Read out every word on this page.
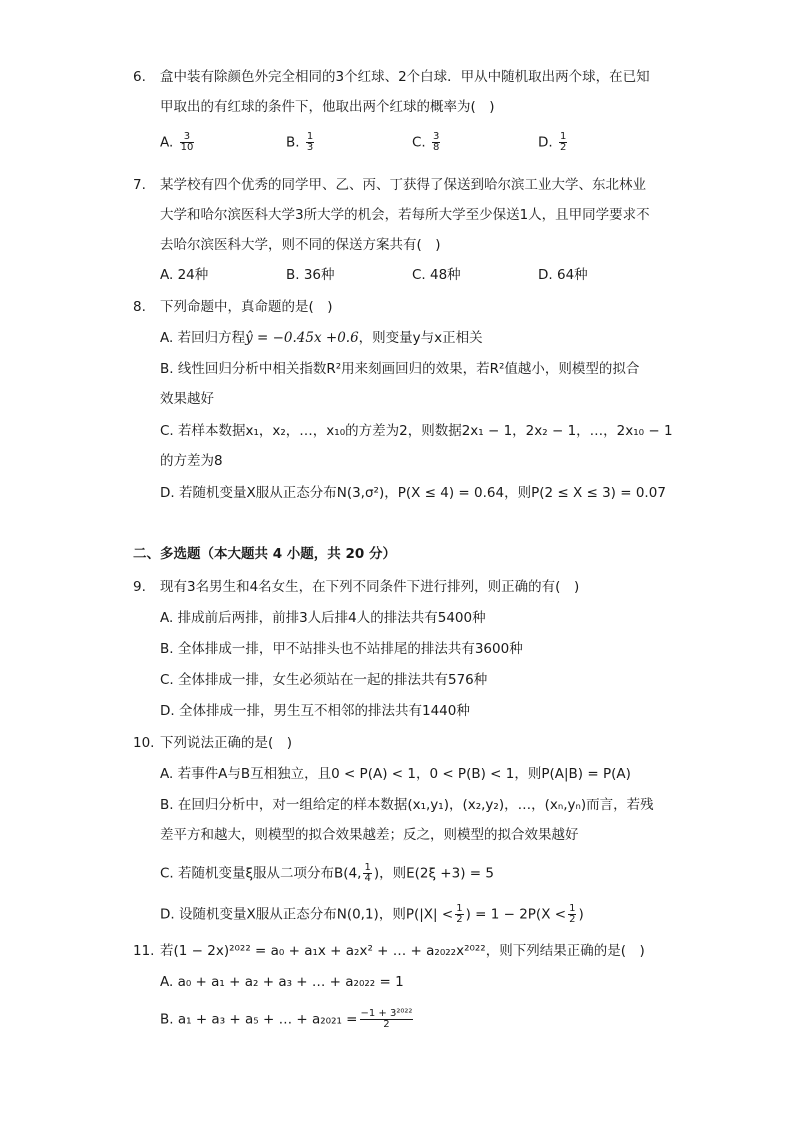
6. 盒中装有除颜色外完全相同的3个红球、2个白球．甲从中随机取出两个球，在已知
甲取出的有红球的条件下，他取出两个红球的概率为(　)
A. $\frac{3}{10}$	B. $\frac{1}{3}$	C. $\frac{3}{8}$	D. $\frac{1}{2}$
7. 某学校有四个优秀的同学甲、乙、丙、丁获得了保送到哈尔滨工业大学、东北林业
大学和哈尔滨医科大学3所大学的机会，若每所大学至少保送1人，且甲同学要求不
去哈尔滨医科大学，则不同的保送方案共有(　)
A. 24种	B. 36种	C. 48种	D. 64种
8. 下列命题中，真命题的是(　)
A. 若回归方程ŷ = −0.45x +0.6，则变量y与x正相关
B. 线性回归分析中相关指数R²用来刻画回归的效果，若R²值越小，则模型的拟合
效果越好
C. 若样本数据x₁，x₂，…，x₁₀的方差为2，则数据2x₁ − 1，2x₂ − 1，…，2x₁₀ − 1
的方差为8
D. 若随机变量X服从正态分布N(3,σ²)，P(X ≤ 4) = 0.64，则P(2 ≤ X ≤ 3) = 0.07
二、多选题（本大题共 4 小题，共 20 分）
9. 现有3名男生和4名女生，在下列不同条件下进行排列，则正确的有(　)
A. 排成前后两排，前排3人后排4人的排法共有5400种
B. 全体排成一排，甲不站排头也不站排尾的排法共有3600种
C. 全体排成一排，女生必须站在一起的排法共有576种
D. 全体排成一排，男生互不相邻的排法共有1440种
10. 下列说法正确的是(　)
A. 若事件A与B互相独立，且0 < P(A) < 1，0 < P(B) < 1，则P(A|B) = P(A)
B. 在回归分析中，对一组给定的样本数据(x₁,y₁)，(x₂,y₂)，…，(xₙ,yₙ)而言，若残
差平方和越大，则模型的拟合效果越差；反之，则模型的拟合效果越好
C. 若随机变量ξ服从二项分布B(4, $\frac{1}{4}$ )，则E(2ξ +3) = 5
D. 设随机变量X服从正态分布N(0,1)，则$P(|X| < \frac{1}{2}$ ) = $1 - 2P(X < \frac{1}{2}$ )
11. 若(1 − 2x)²⁰²² = a₀ + a₁x + a₂x² + … + a₂₀₂₂x²⁰²²，则下列结果正确的是(　)
A. a₀ + a₁ + a₂ + a₃ + … + a₂₀₂₂ = 1
B. a₁ + a₃ + a₅ + … + $a_{2021} = \frac{\text{−1 + 3²⁰²²}}{2}$
